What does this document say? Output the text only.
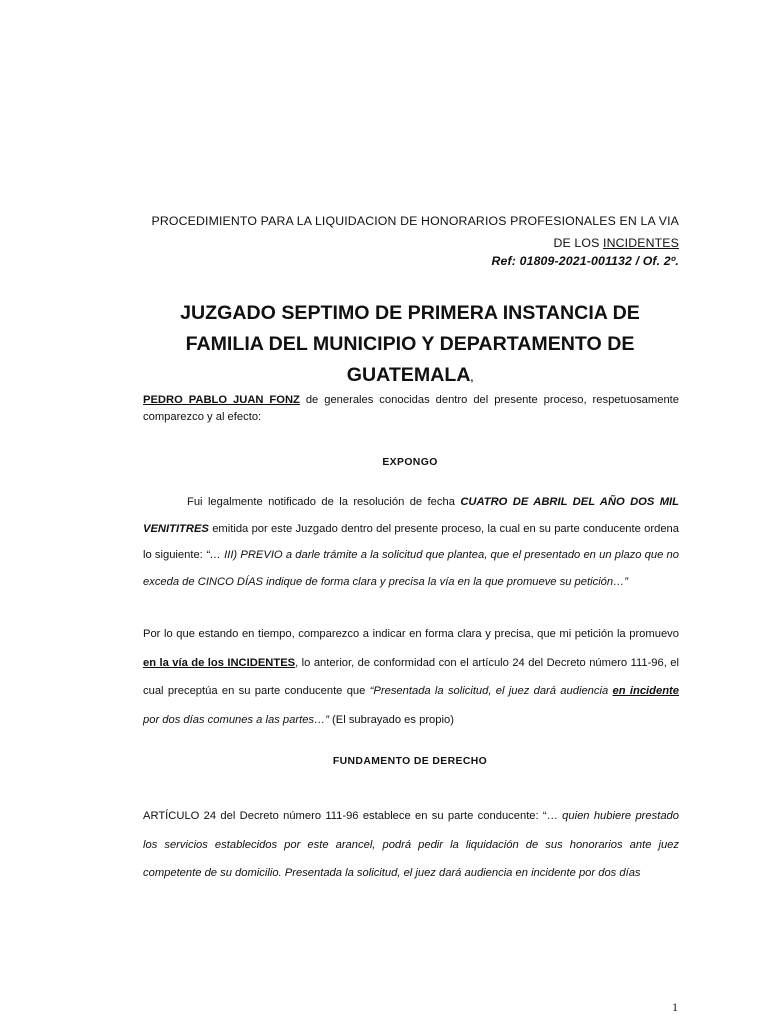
PROCEDIMIENTO PARA LA LIQUIDACION DE HONORARIOS PROFESIONALES EN LA VIA
DE LOS INCIDENTES
Ref: 01809-2021-001132 / Of. 2º.
JUZGADO SEPTIMO DE PRIMERA INSTANCIA DE
FAMILIA DEL MUNICIPIO Y DEPARTAMENTO DE
GUATEMALA,
PEDRO PABLO JUAN FONZ de generales conocidas dentro del presente proceso, respetuosamente comparezco y al efecto:
EXPONGO
Fui legalmente notificado de la resolución de fecha CUATRO DE ABRIL DEL AÑO DOS MIL VENITITRES emitida por este Juzgado dentro del presente proceso, la cual en su parte conducente ordena lo siguiente: “… III) PREVIO a darle trámite a la solicitud que plantea, que el presentado en un plazo que no exceda de CINCO DÍAS indique de forma clara y precisa la vía en la que promueve su petición…”
Por lo que estando en tiempo, comparezco a indicar en forma clara y precisa, que mi petición la promuevo en la vía de los INCIDENTES, lo anterior, de conformidad con el artículo 24 del Decreto número 111-96, el cual preceptúa en su parte conducente que “Presentada la solicitud, el juez dará audiencia en incidente por dos días comunes a las partes…” (El subrayado es propio)
FUNDAMENTO DE DERECHO
ARTÍCULO 24 del Decreto número 111-96 establece en su parte conducente: “… quien hubiere prestado los servicios establecidos por este arancel, podrá pedir la liquidación de sus honorarios ante juez competente de su domicilio. Presentada la solicitud, el juez dará audiencia en incidente por dos días
1
